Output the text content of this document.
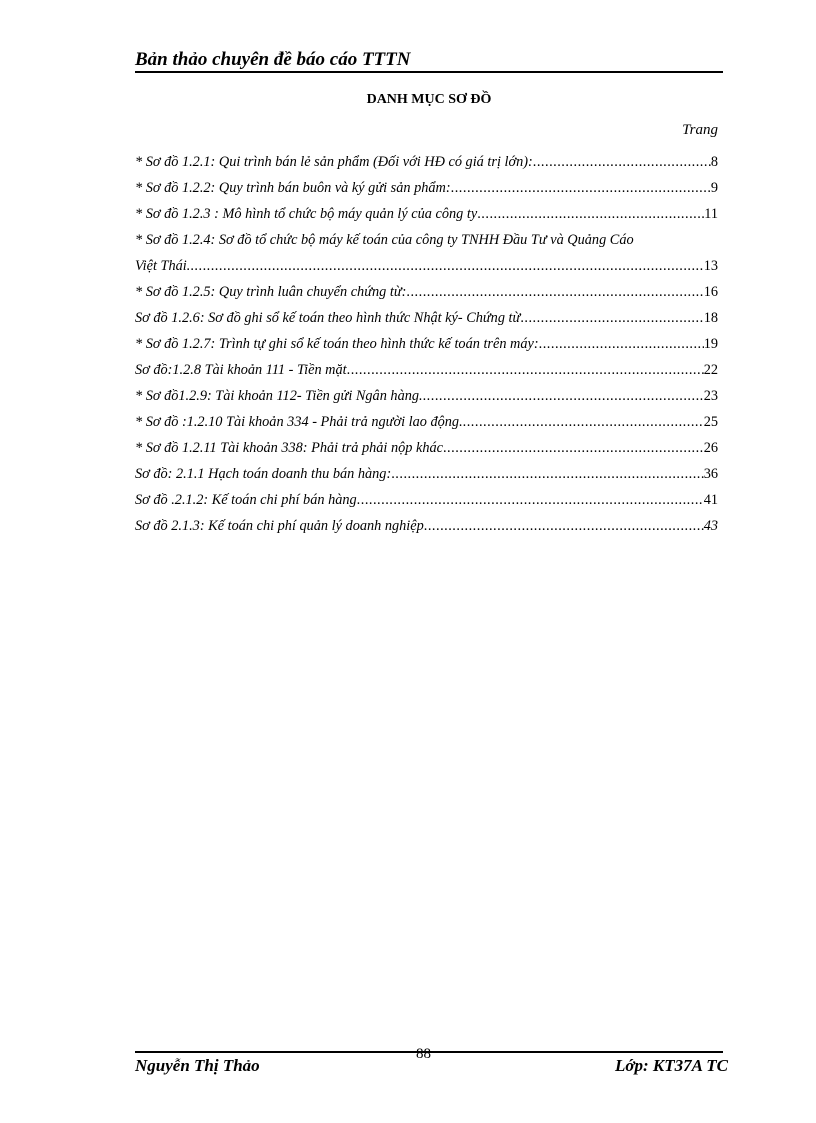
Bản thảo chuyên đề báo cáo TTTN
DANH MỤC SƠ ĐỒ
Trang
* Sơ đồ 1.2.1: Qui trình bán lẻ sản phẩm (Đối với HĐ có giá trị lớn): .....	8
* Sơ đồ 1.2.2: Quy trình bán buôn và ký gửi sản phẩm: .....	9
* Sơ đồ 1.2.3 : Mô hình tổ chức bộ máy quản lý của công ty .....	11
* Sơ đồ 1.2.4: Sơ đồ tổ chức bộ máy kế toán của công ty TNHH Đầu Tư và Quảng Cáo
Việt Thái. .....	13
* Sơ đồ 1.2.5: Quy trình luân chuyển chứng từ: .....	16
Sơ đồ 1.2.6: Sơ đồ ghi sổ kế toán theo hình thức Nhật ký- Chứng từ .....	18
* Sơ đồ 1.2.7: Trình tự ghi sổ kế toán theo hình thức kế toán trên máy: .....	19
Sơ đồ:1.2.8 Tài khoản 111 - Tiền mặt .....	22
* Sơ đồ1.2.9: Tài khoản 112- Tiền gửi Ngân hàng. .....	23
* Sơ đồ :1.2.10 Tài khoản 334 - Phải trả người lao động. .....	25
* Sơ đồ 1.2.11 Tài khoản 338: Phải trả phải nộp khác .....	26
Sơ đồ: 2.1.1 Hạch toán doanh thu bán hàng: .....	36
Sơ đồ .2.1.2: Kế toán chi phí bán hàng .....	41
Sơ đồ 2.1.3: Kế toán chi phí quản lý doanh nghiệp .....	43
Nguyễn Thị Thảo
88
Lớp: KT37A TC
